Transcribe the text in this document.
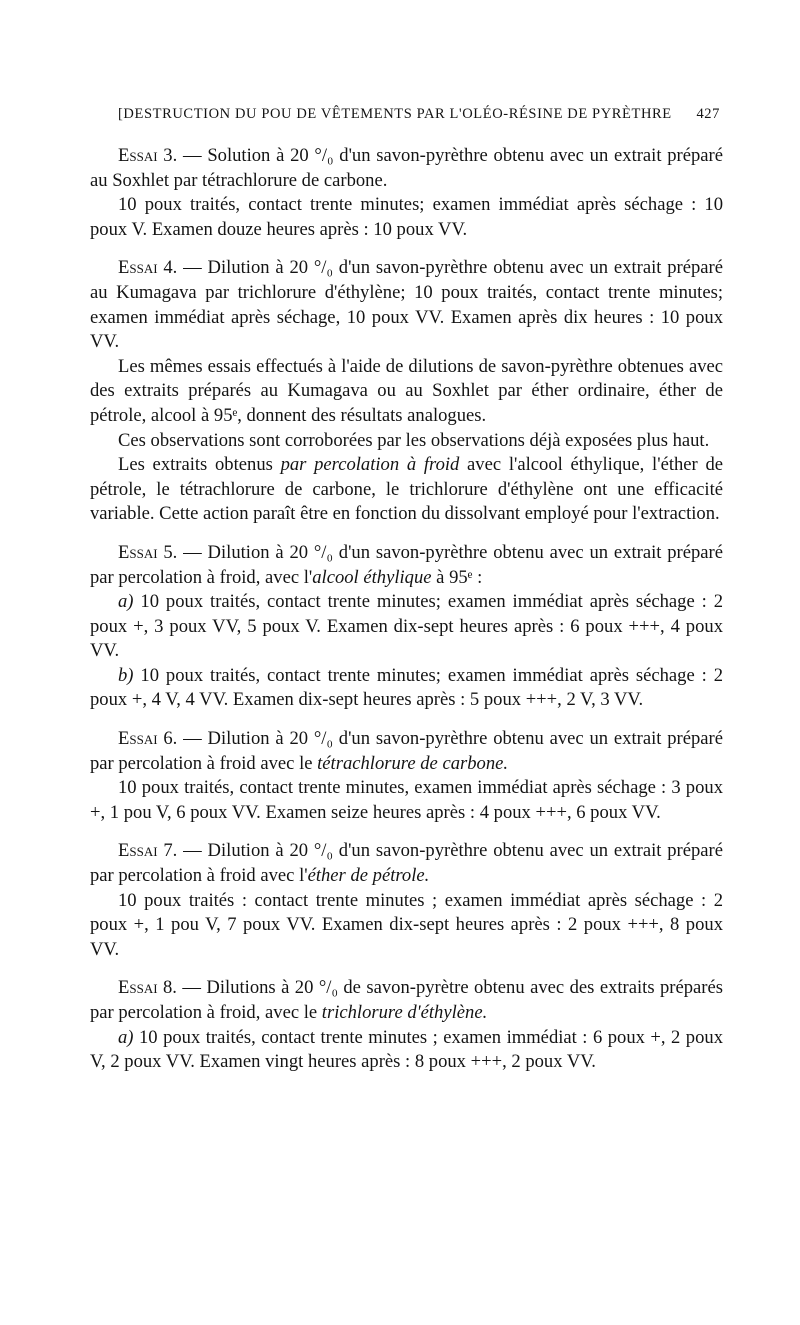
[DESTRUCTION DU POU DE VÊTEMENTS PAR L'OLÉO-RÉSINE DE PYRÈTHRE 427

Essai 3. — Solution à 20 °/₀ d'un savon-pyrèthre obtenu avec un extrait préparé au Soxhlet par tétrachlorure de carbone.

10 poux traités, contact trente minutes; examen immédiat après séchage : 10 poux V. Examen douze heures après : 10 poux VV.

Essai 4. — Dilution à 20 °/₀ d'un savon-pyrèthre obtenu avec un extrait préparé au Kumagava par trichlorure d'éthylène; 10 poux traités, contact trente minutes; examen immédiat après séchage, 10 poux VV. Examen après dix heures : 10 poux VV.

Les mêmes essais effectués à l'aide de dilutions de savon-pyrèthre obtenues avec des extraits préparés au Kumagava ou au Soxhlet par éther ordinaire, éther de pétrole, alcool à 95ᵉ, donnent des résultats analogues.

Ces observations sont corroborées par les observations déjà exposées plus haut.

Les extraits obtenus par percolation à froid avec l'alcool éthylique, l'éther de pétrole, le tétrachlorure de carbone, le trichlorure d'éthylène ont une efficacité variable. Cette action paraît être en fonction du dissolvant employé pour l'extraction.

Essai 5. — Dilution à 20 °/₀ d'un savon-pyrèthre obtenu avec un extrait préparé par percolation à froid, avec l'alcool éthylique à 95ᵉ :

a) 10 poux traités, contact trente minutes; examen immédiat après séchage : 2 poux +, 3 poux VV, 5 poux V. Examen dix-sept heures après : 6 poux +++, 4 poux VV.

b) 10 poux traités, contact trente minutes; examen immédiat après séchage : 2 poux +, 4 V, 4 VV. Examen dix-sept heures après : 5 poux +++, 2 V, 3 VV.

Essai 6. — Dilution à 20 °/₀ d'un savon-pyrèthre obtenu avec un extrait préparé par percolation à froid avec le tétrachlorure de carbone.

10 poux traités, contact trente minutes, examen immédiat après séchage : 3 poux +, 1 pou V, 6 poux VV. Examen seize heures après : 4 poux +++, 6 poux VV.

Essai 7. — Dilution à 20 °/₀ d'un savon-pyrèthre obtenu avec un extrait préparé par percolation à froid avec l'éther de pétrole.

10 poux traités : contact trente minutes ; examen immédiat après séchage : 2 poux +, 1 pou V, 7 poux VV. Examen dix-sept heures après : 2 poux +++, 8 poux VV.

Essai 8. — Dilutions à 20 °/₀ de savon-pyrètre obtenu avec des extraits préparés par percolation à froid, avec le trichlorure d'éthylène.

a) 10 poux traités, contact trente minutes ; examen immédiat : 6 poux +, 2 poux V, 2 poux VV. Examen vingt heures après : 8 poux +++, 2 poux VV.
